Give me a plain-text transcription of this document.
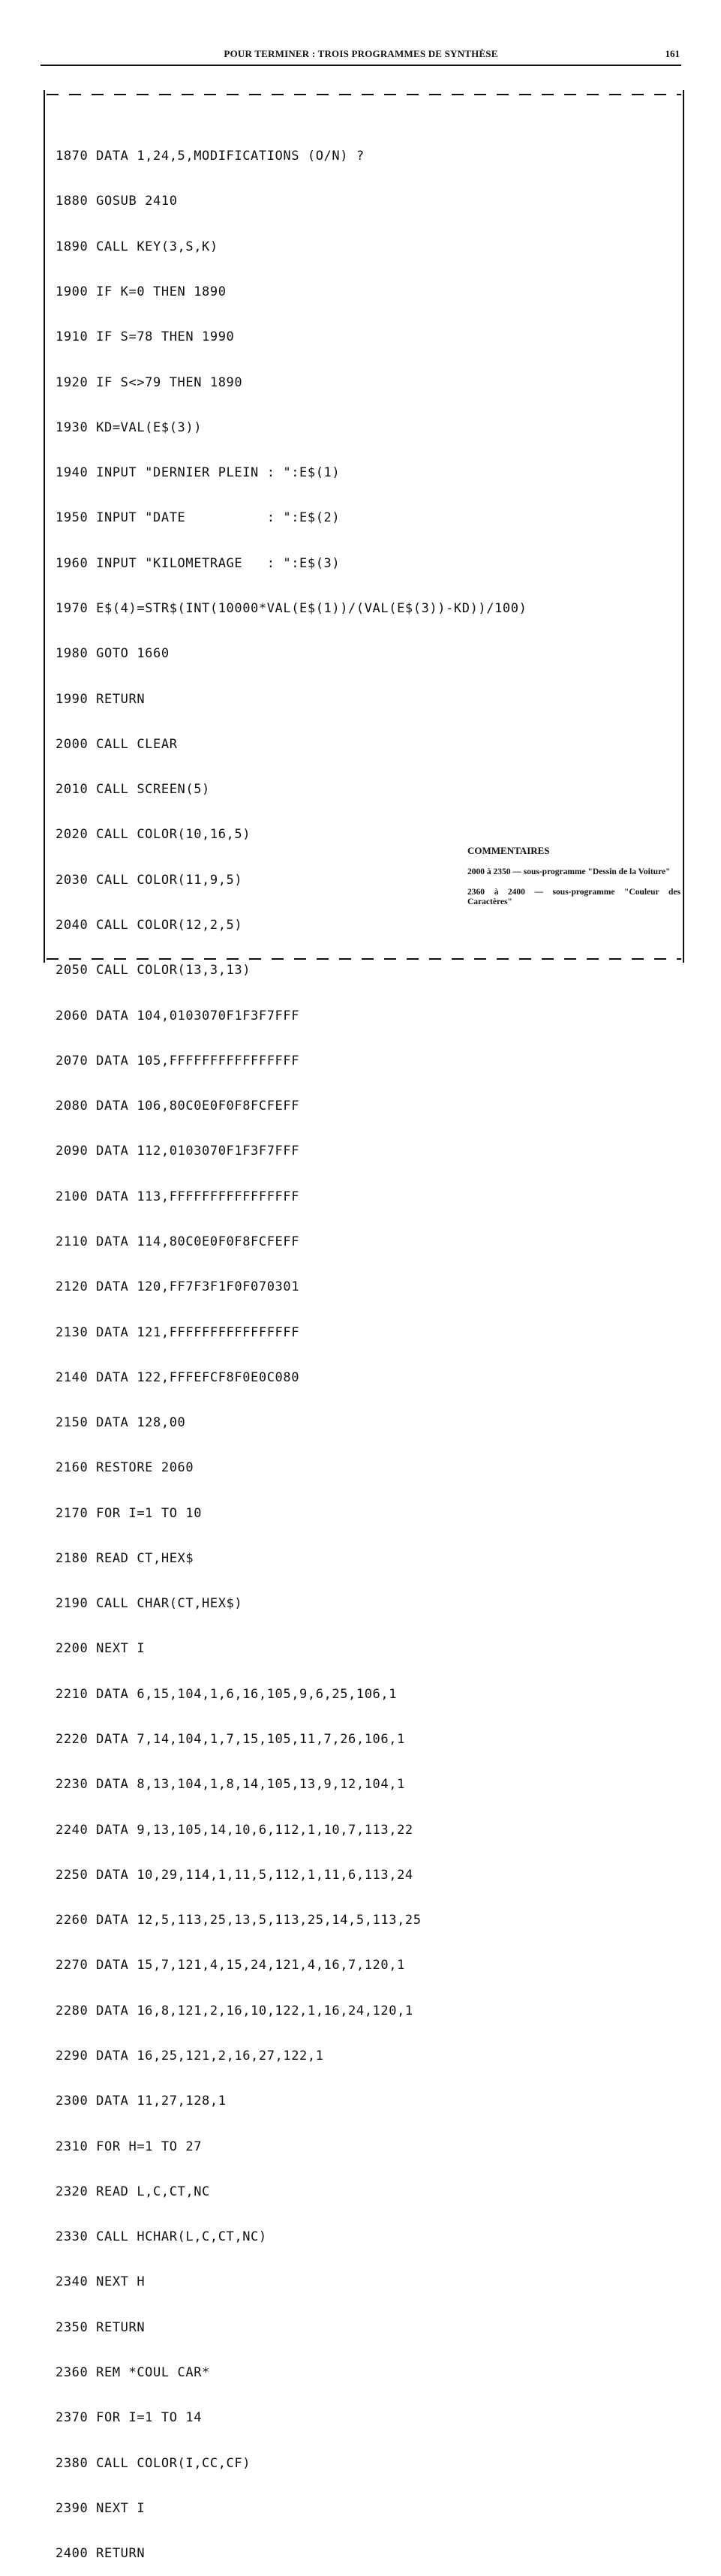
POUR TERMINER : TROIS PROGRAMMES DE SYNTHÈSE	161

1870 DATA 1,24,5,MODIFICATIONS (O/N) ?

1880 GOSUB 2410

1890 CALL KEY(3,S,K)

1900 IF K=0 THEN 1890

1910 IF S=78 THEN 1990

1920 IF S<>79 THEN 1890

1930 KD=VAL(E$(3))

1940 INPUT "DERNIER PLEIN : ":E$(1)

1950 INPUT "DATE          : ":E$(2)

1960 INPUT "KILOMETRAGE   : ":E$(3)

1970 E$(4)=STR$(INT(10000*VAL(E$(1))/(VAL(E$(3))-KD))/100)

1980 GOTO 1660

1990 RETURN

2000 CALL CLEAR

2010 CALL SCREEN(5)

2020 CALL COLOR(10,16,5)

2030 CALL COLOR(11,9,5)

2040 CALL COLOR(12,2,5)

2050 CALL COLOR(13,3,13)

2060 DATA 104,0103070F1F3F7FFF

2070 DATA 105,FFFFFFFFFFFFFFFF

2080 DATA 106,80C0E0F0F8FCFEFF

2090 DATA 112,0103070F1F3F7FFF

2100 DATA 113,FFFFFFFFFFFFFFFF

2110 DATA 114,80C0E0F0F8FCFEFF

2120 DATA 120,FF7F3F1F0F070301

2130 DATA 121,FFFFFFFFFFFFFFFF

2140 DATA 122,FFFEFCF8F0E0C080

2150 DATA 128,00

2160 RESTORE 2060

2170 FOR I=1 TO 10

2180 READ CT,HEX$

2190 CALL CHAR(CT,HEX$)

2200 NEXT I

2210 DATA 6,15,104,1,6,16,105,9,6,25,106,1

2220 DATA 7,14,104,1,7,15,105,11,7,26,106,1

2230 DATA 8,13,104,1,8,14,105,13,9,12,104,1

2240 DATA 9,13,105,14,10,6,112,1,10,7,113,22

2250 DATA 10,29,114,1,11,5,112,1,11,6,113,24

2260 DATA 12,5,113,25,13,5,113,25,14,5,113,25

2270 DATA 15,7,121,4,15,24,121,4,16,7,120,1

2280 DATA 16,8,121,2,16,10,122,1,16,24,120,1

2290 DATA 16,25,121,2,16,27,122,1

2300 DATA 11,27,128,1

2310 FOR H=1 TO 27

2320 READ L,C,CT,NC

2330 CALL HCHAR(L,C,CT,NC)

2340 NEXT H

2350 RETURN

2360 REM *COUL CAR*

2370 FOR I=1 TO 14

2380 CALL COLOR(I,CC,CF)

2390 NEXT I

2400 RETURN

COMMENTAIRES
2000 à 2350 — sous-programme "Dessin de la Voiture"
2360 à 2400 — sous-programme "Couleur des Caractères"
